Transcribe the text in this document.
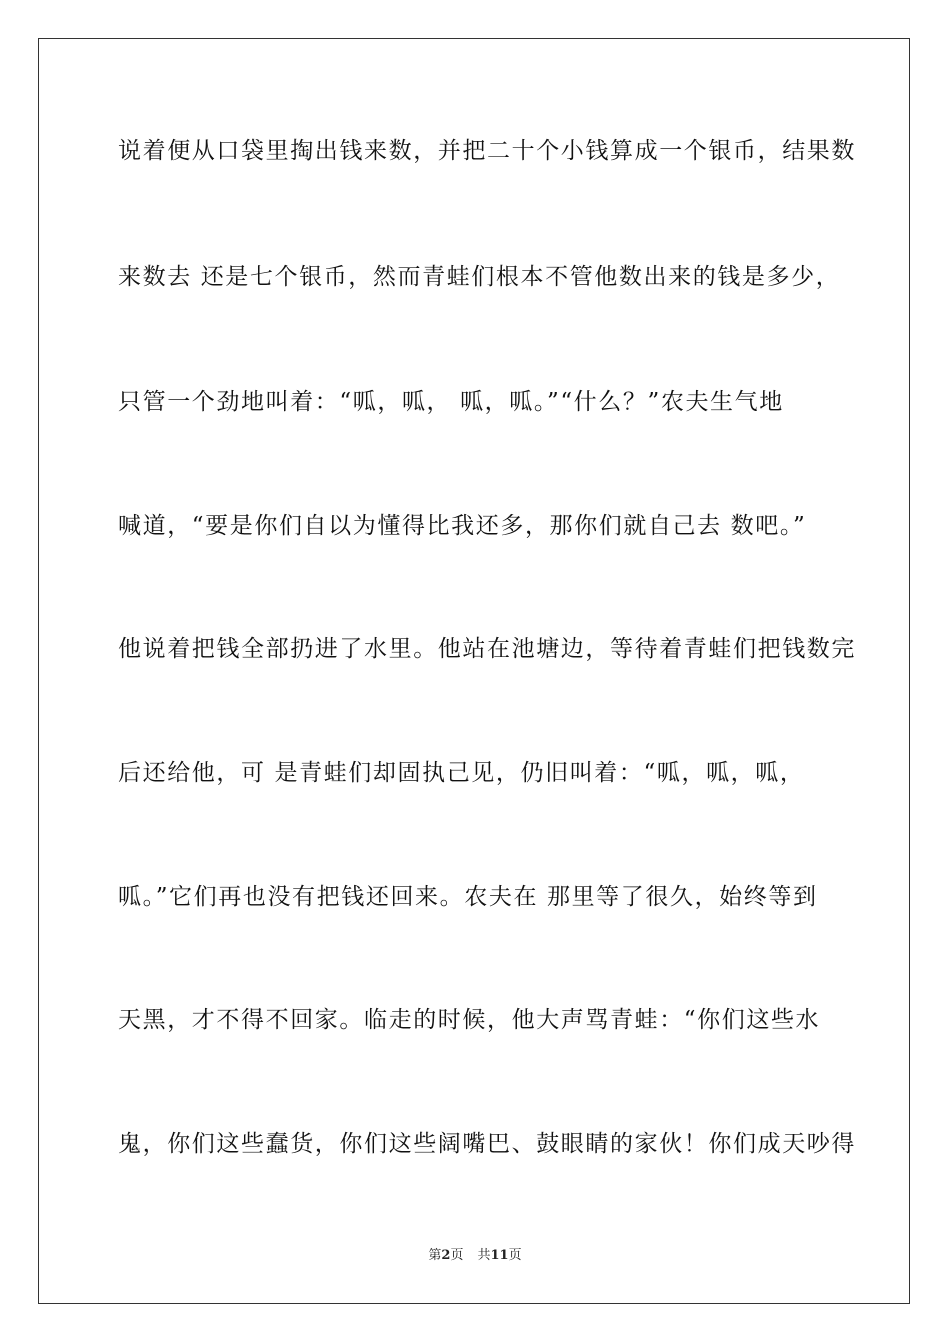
说着便从口袋里掏出钱来数，并把二十个小钱算成一个银币，结果数

来数去 还是七个银币，然而青蛙们根本不管他数出来的钱是多少，

只管一个劲地叫着：“呱，呱， 呱，呱。”“什么？”农夫生气地

喊道，“要是你们自以为懂得比我还多，那你们就自己去 数吧。”

他说着把钱全部扔进了水里。他站在池塘边，等待着青蛙们把钱数完

后还给他，可 是青蛙们却固执己见，仍旧叫着：“呱，呱，呱，

呱。”它们再也没有把钱还回来。农夫在 那里等了很久，始终等到

天黑，才不得不回家。临走的时候，他大声骂青蛙：“你们这些水

鬼，你们这些蠢货，你们这些阔嘴巴、鼓眼睛的家伙！你们成天吵得

第2页 共11页
